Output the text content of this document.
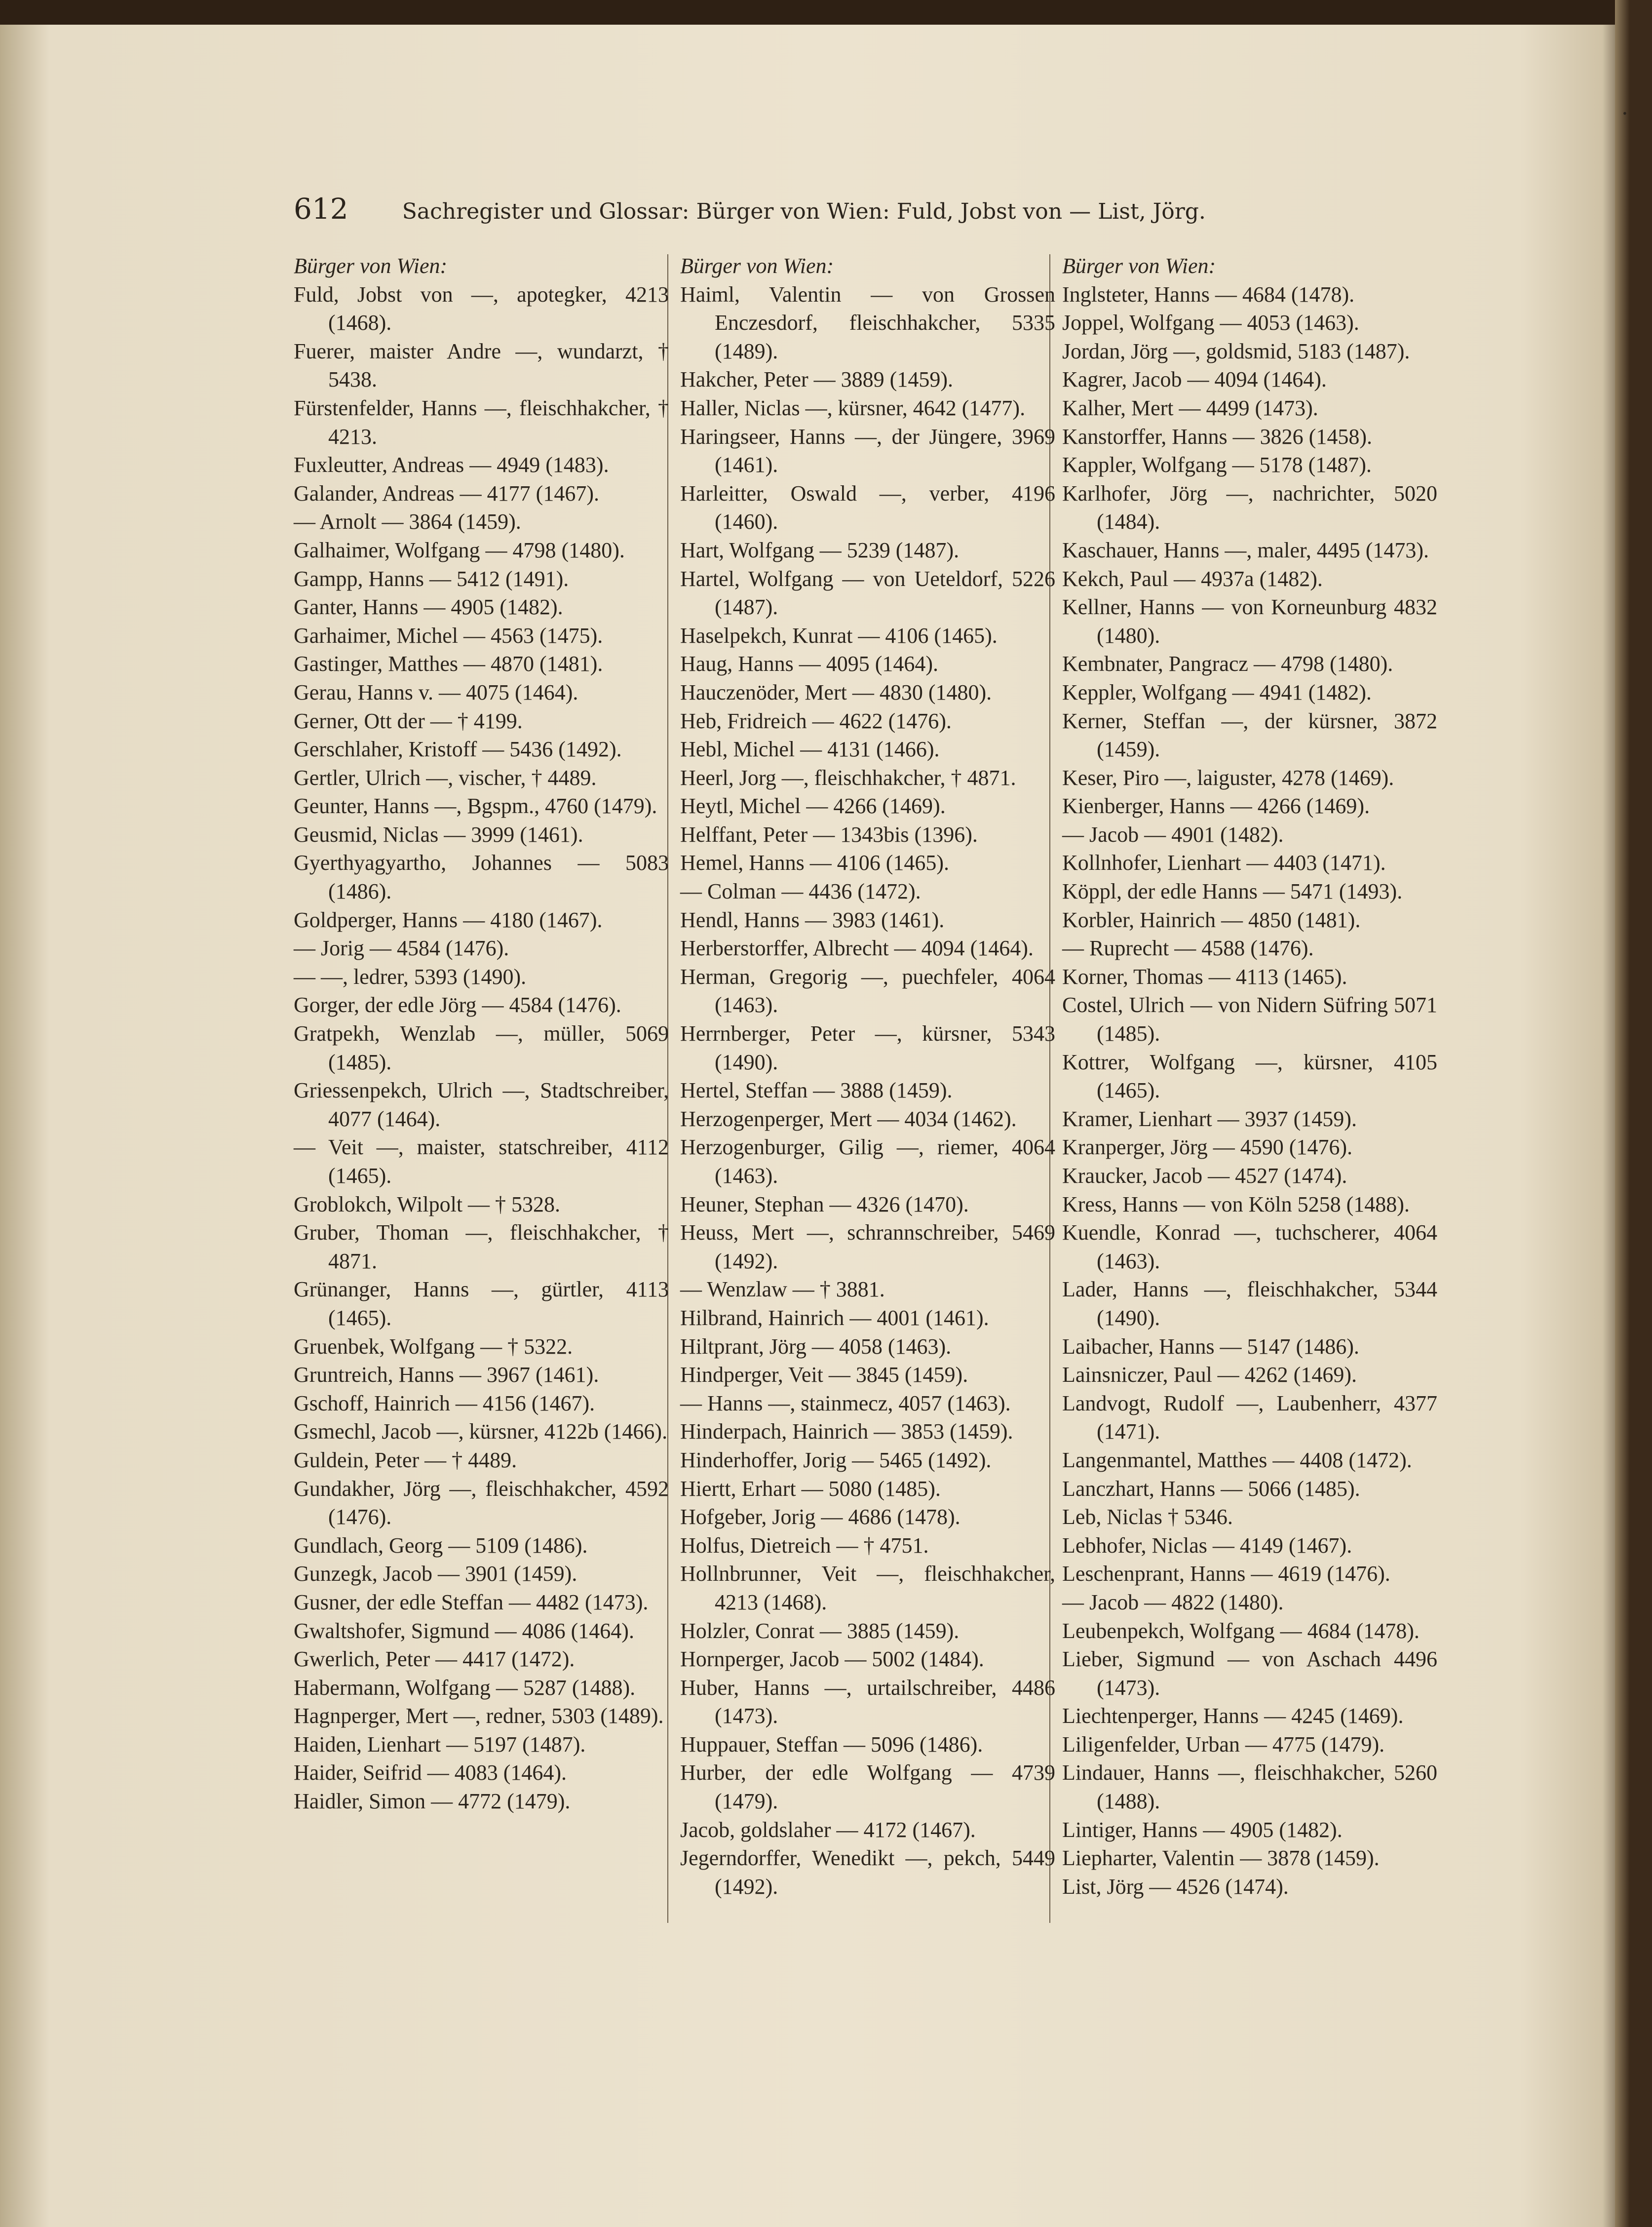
612 Sachregister und Glossar: Bürger von Wien: Fuld, Jobst von — List, Jörg.
Bürger von Wien:
Fuld, Jobst von —, apotegker, 4213 (1468).
Fuerer, maister Andre —, wundarzt, † 5438.
Fürstenfelder, Hanns —, fleischhakcher, † 4213.
Fuxleutter, Andreas — 4949 (1483).
Galander, Andreas — 4177 (1467).
— Arnolt — 3864 (1459).
Galhaimer, Wolfgang — 4798 (1480).
Gampp, Hanns — 5412 (1491).
Ganter, Hanns — 4905 (1482).
Garhaimer, Michel — 4563 (1475).
Gastinger, Matthes — 4870 (1481).
Gerau, Hanns v. — 4075 (1464).
Gerner, Ott der — † 4199.
Gerschlaher, Kristoff — 5436 (1492).
Gertler, Ulrich —, vischer, † 4489.
Geunter, Hanns —, Bgspm., 4760 (1479).
Geusmid, Niclas — 3999 (1461).
Gyerthyagyartho, Johannes — 5083 (1486).
Goldperger, Hanns — 4180 (1467).
— Jorig — 4584 (1476).
— —, ledrer, 5393 (1490).
Gorger, der edle Jörg — 4584 (1476).
Gratpekh, Wenzlab —, müller, 5069 (1485).
Griessenpekch, Ulrich —, Stadtschreiber, 4077 (1464).
— Veit —, maister, statschreiber, 4112 (1465).
Groblokch, Wilpolt — † 5328.
Gruber, Thoman —, fleischhakcher, † 4871.
Grünanger, Hanns —, gürtler, 4113 (1465).
Gruenbek, Wolfgang — † 5322.
Gruntreich, Hanns — 3967 (1461).
Gschoff, Hainrich — 4156 (1467).
Gsmechl, Jacob —, kürsner, 4122b (1466).
Guldein, Peter — † 4489.
Gundakher, Jörg —, fleischhakcher, 4592 (1476).
Gundlach, Georg — 5109 (1486).
Gunzegk, Jacob — 3901 (1459).
Gusner, der edle Steffan — 4482 (1473).
Gwaltshofer, Sigmund — 4086 (1464).
Gwerlich, Peter — 4417 (1472).
Habermann, Wolfgang — 5287 (1488).
Hagnperger, Mert —, redner, 5303 (1489).
Haiden, Lienhart — 5197 (1487).
Haider, Seifrid — 4083 (1464).
Haidler, Simon — 4772 (1479).
Bürger von Wien:
Haiml, Valentin — von Grossen Enczesdorf, fleischhakcher, 5335 (1489).
Hakcher, Peter — 3889 (1459).
Haller, Niclas —, kürsner, 4642 (1477).
Haringseer, Hanns —, der Jüngere, 3969 (1461).
Harleitter, Oswald —, verber, 4196 (1460).
Hart, Wolfgang — 5239 (1487).
Hartel, Wolfgang — von Ueteldorf, 5226 (1487).
Haselpekch, Kunrat — 4106 (1465).
Haug, Hanns — 4095 (1464).
Hauczenöder, Mert — 4830 (1480).
Heb, Fridreich — 4622 (1476).
Hebl, Michel — 4131 (1466).
Heerl, Jorg —, fleischhakcher, † 4871.
Heytl, Michel — 4266 (1469).
Helffant, Peter — 1343bis (1396).
Hemel, Hanns — 4106 (1465).
— Colman — 4436 (1472).
Hendl, Hanns — 3983 (1461).
Herberstorffer, Albrecht — 4094 (1464).
Herman, Gregorig —, puechfeler, 4064 (1463).
Herrnberger, Peter —, kürsner, 5343 (1490).
Hertel, Steffan — 3888 (1459).
Herzogenperger, Mert — 4034 (1462).
Herzogenburger, Gilig —, riemer, 4064 (1463).
Heuner, Stephan — 4326 (1470).
Heuss, Mert —, schrannschreiber, 5469 (1492).
— Wenzlaw — † 3881.
Hilbrand, Hainrich — 4001 (1461).
Hiltprant, Jörg — 4058 (1463).
Hindperger, Veit — 3845 (1459).
— Hanns —, stainmecz, 4057 (1463).
Hinderpach, Hainrich — 3853 (1459).
Hinderhoffer, Jorig — 5465 (1492).
Hiertt, Erhart — 5080 (1485).
Hofgeber, Jorig — 4686 (1478).
Holfus, Dietreich — † 4751.
Hollnbrunner, Veit —, fleischhakcher, 4213 (1468).
Holzler, Conrat — 3885 (1459).
Hornperger, Jacob — 5002 (1484).
Huber, Hanns —, urtailschreiber, 4486 (1473).
Huppauer, Steffan — 5096 (1486).
Hurber, der edle Wolfgang — 4739 (1479).
Jacob, goldslaher — 4172 (1467).
Jegerndorffer, Wenedikt —, pekch, 5449 (1492).
Bürger von Wien:
Inglsteter, Hanns — 4684 (1478).
Joppel, Wolfgang — 4053 (1463).
Jordan, Jörg —, goldsmid, 5183 (1487).
Kagrer, Jacob — 4094 (1464).
Kalher, Mert — 4499 (1473).
Kanstorffer, Hanns — 3826 (1458).
Kappler, Wolfgang — 5178 (1487).
Karlhofer, Jörg —, nachrichter, 5020 (1484).
Kaschauer, Hanns —, maler, 4495 (1473).
Kekch, Paul — 4937a (1482).
Kellner, Hanns — von Korneunburg 4832 (1480).
Kembnater, Pangracz — 4798 (1480).
Keppler, Wolfgang — 4941 (1482).
Kerner, Steffan —, der kürsner, 3872 (1459).
Keser, Piro —, laiguster, 4278 (1469).
Kienberger, Hanns — 4266 (1469).
— Jacob — 4901 (1482).
Kollnhofer, Lienhart — 4403 (1471).
Köppl, der edle Hanns — 5471 (1493).
Korbler, Hainrich — 4850 (1481).
— Ruprecht — 4588 (1476).
Korner, Thomas — 4113 (1465).
Costel, Ulrich — von Nidern Süfring 5071 (1485).
Kottrer, Wolfgang —, kürsner, 4105 (1465).
Kramer, Lienhart — 3937 (1459).
Kranperger, Jörg — 4590 (1476).
Kraucker, Jacob — 4527 (1474).
Kress, Hanns — von Köln 5258 (1488).
Kuendle, Konrad —, tuchscherer, 4064 (1463).
Lader, Hanns —, fleischhakcher, 5344 (1490).
Laibacher, Hanns — 5147 (1486).
Lainsniczer, Paul — 4262 (1469).
Landvogt, Rudolf —, Laubenherr, 4377 (1471).
Langenmantel, Matthes — 4408 (1472).
Lanczhart, Hanns — 5066 (1485).
Leb, Niclas † 5346.
Lebhofer, Niclas — 4149 (1467).
Leschenprant, Hanns — 4619 (1476).
— Jacob — 4822 (1480).
Leubenpekch, Wolfgang — 4684 (1478).
Lieber, Sigmund — von Aschach 4496 (1473).
Liechtenperger, Hanns — 4245 (1469).
Liligenfelder, Urban — 4775 (1479).
Lindauer, Hanns —, fleischhakcher, 5260 (1488).
Lintiger, Hanns — 4905 (1482).
Liepharter, Valentin — 3878 (1459).
List, Jörg — 4526 (1474).
·
